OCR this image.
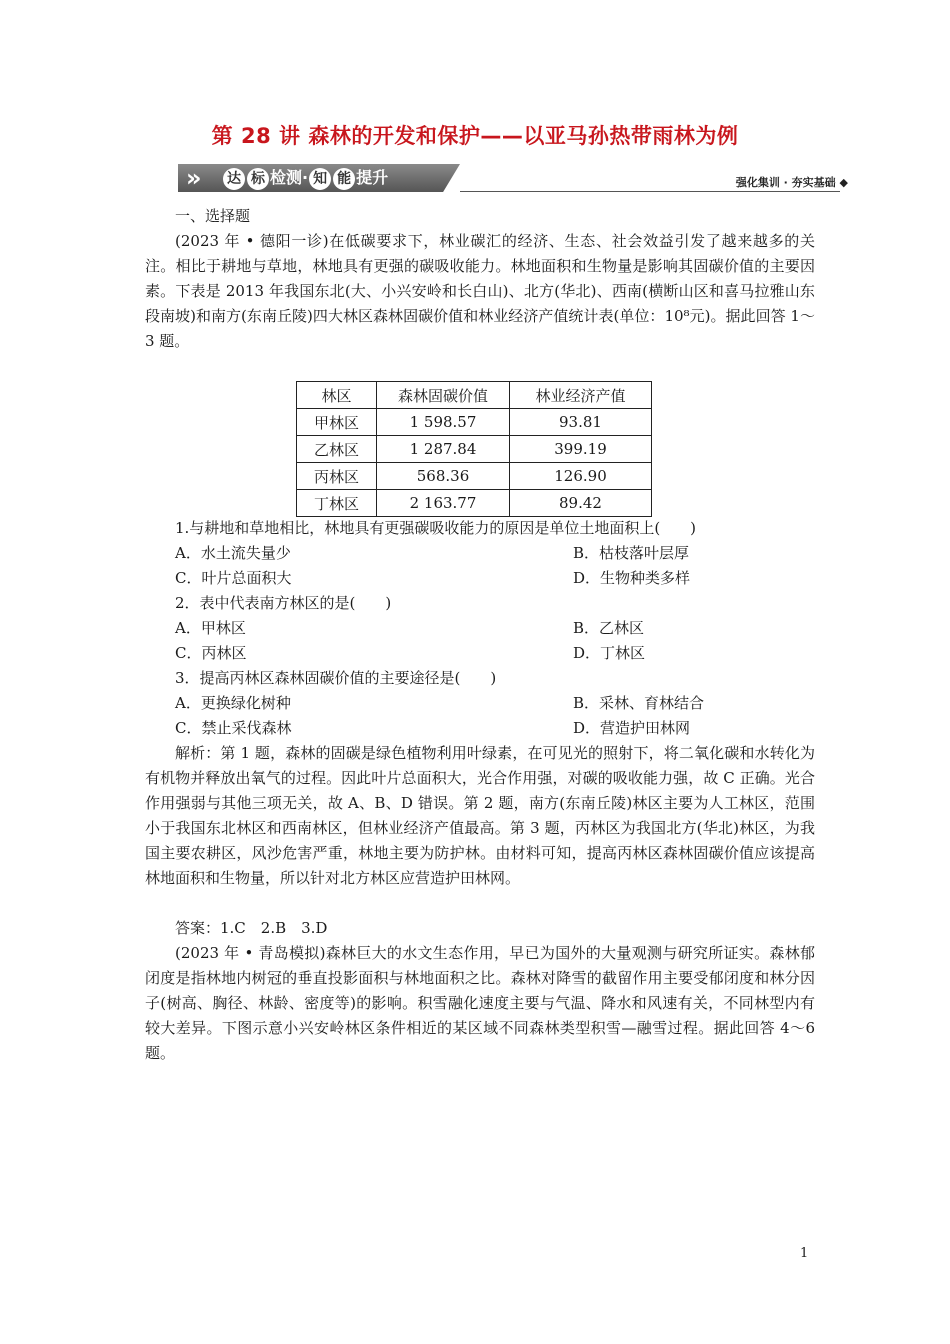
第 28 讲 森林的开发和保护——以亚马孙热带雨林为例
»	达 标 检测· 知 能 提升	强化集训 · 夯实基础 ◆
一、选择题

(2023 年 • 德阳一诊)在低碳要求下，林业碳汇的经济、生态、社会效益引发了越来越多的关注。相比于耕地与草地，林地具有更强的碳吸收能力。林地面积和生物量是影响其固碳价值的主要因素。下表是 2013 年我国东北(大、小兴安岭和长白山)、北方(华北)、西南(横断山区和喜马拉雅山东段南坡)和南方(东南丘陵)四大林区森林固碳价值和林业经济产值统计表(单位：10⁸元)。据此回答 1～3 题。

林区	森林固碳价值	林业经济产值
甲林区	1 598.57	93.81
乙林区	1 287.84	399.19
丙林区	568.36	126.90
丁林区	2 163.77	89.42
1.与耕地和草地相比，林地具有更强碳吸收能力的原因是单位土地面积上(　　)
A．水土流失量少	B．枯枝落叶层厚
C．叶片总面积大	D．生物种类多样
2．表中代表南方林区的是(　　)
A．甲林区	B．乙林区
C．丙林区	D．丁林区
3．提高丙林区森林固碳价值的主要途径是(　　)
A．更换绿化树种	B．采林、育林结合
C．禁止采伐森林	D．营造护田林网

解析：第 1 题，森林的固碳是绿色植物利用叶绿素，在可见光的照射下，将二氧化碳和水转化为有机物并释放出氧气的过程。因此叶片总面积大，光合作用强，对碳的吸收能力强，故 C 正确。光合作用强弱与其他三项无关，故 A、B、D 错误。第 2 题，南方(东南丘陵)林区主要为人工林区，范围小于我国东北林区和西南林区，但林业经济产值最高。第 3 题，丙林区为我国北方(华北)林区，为我国主要农耕区，风沙危害严重，林地主要为防护林。由材料可知，提高丙林区森林固碳价值应该提高林地面积和生物量，所以针对北方林区应营造护田林网。

答案：1.C　2.B　3.D

(2023 年 • 青岛模拟)森林巨大的水文生态作用，早已为国外的大量观测与研究所证实。森林郁闭度是指林地内树冠的垂直投影面积与林地面积之比。森林对降雪的截留作用主要受郁闭度和林分因子(树高、胸径、林龄、密度等)的影响。积雪融化速度主要与气温、降水和风速有关，不同林型内有较大差异。下图示意小兴安岭林区条件相近的某区域不同森林类型积雪—融雪过程。据此回答 4～6 题。

1
